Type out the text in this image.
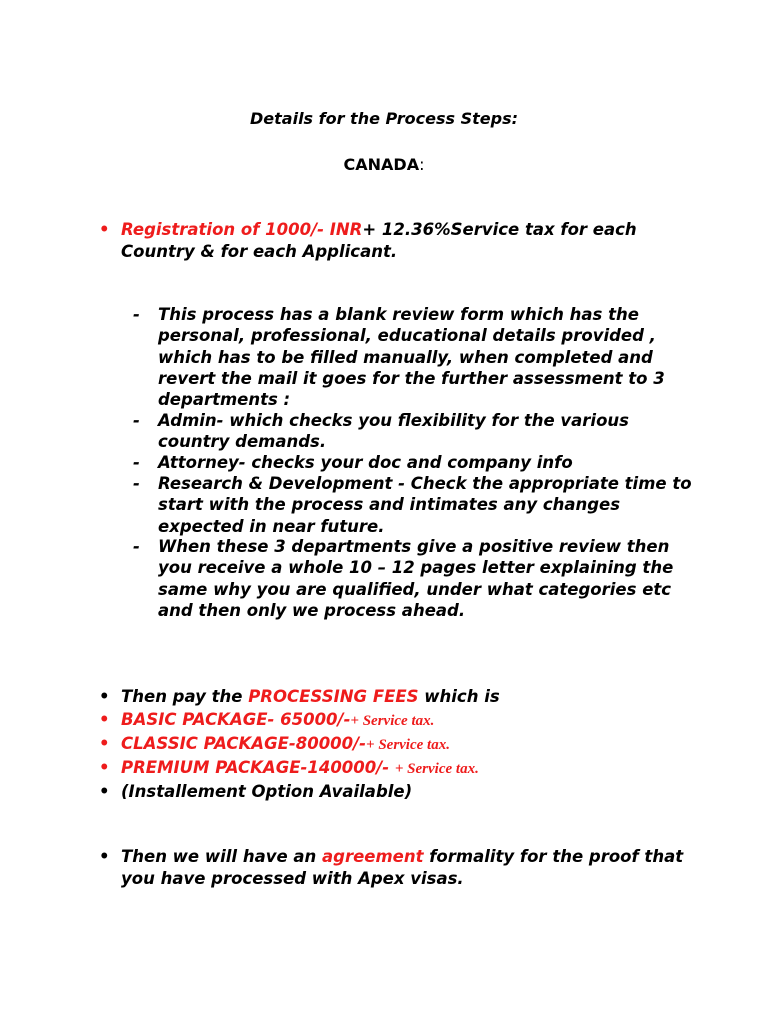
Details for the Process Steps:
CANADA:
• Registration of 1000/- INR+ 12.36%Service tax for each Country & for each Applicant.
- This process has a blank review form which has the personal, professional, educational details provided , which has to be filled manually, when completed and revert the mail it goes for the further assessment to 3 departments :
- Admin- which checks you flexibility for the various country demands.
- Attorney- checks your doc and company info
- Research & Development - Check the appropriate time to start with the process and intimates any changes expected in near future.
- When these 3 departments give a positive review then you receive a whole 10 – 12 pages letter explaining the same why you are qualified, under what categories etc and then only we process ahead.
• Then pay the PROCESSING FEES which is
• BASIC PACKAGE- 65000/-+ Service tax.
• CLASSIC PACKAGE-80000/-+ Service tax.
• PREMIUM PACKAGE-140000/- + Service tax.
• (Installement Option Available)
• Then we will have an agreement formality for the proof that you have processed with Apex visas.
